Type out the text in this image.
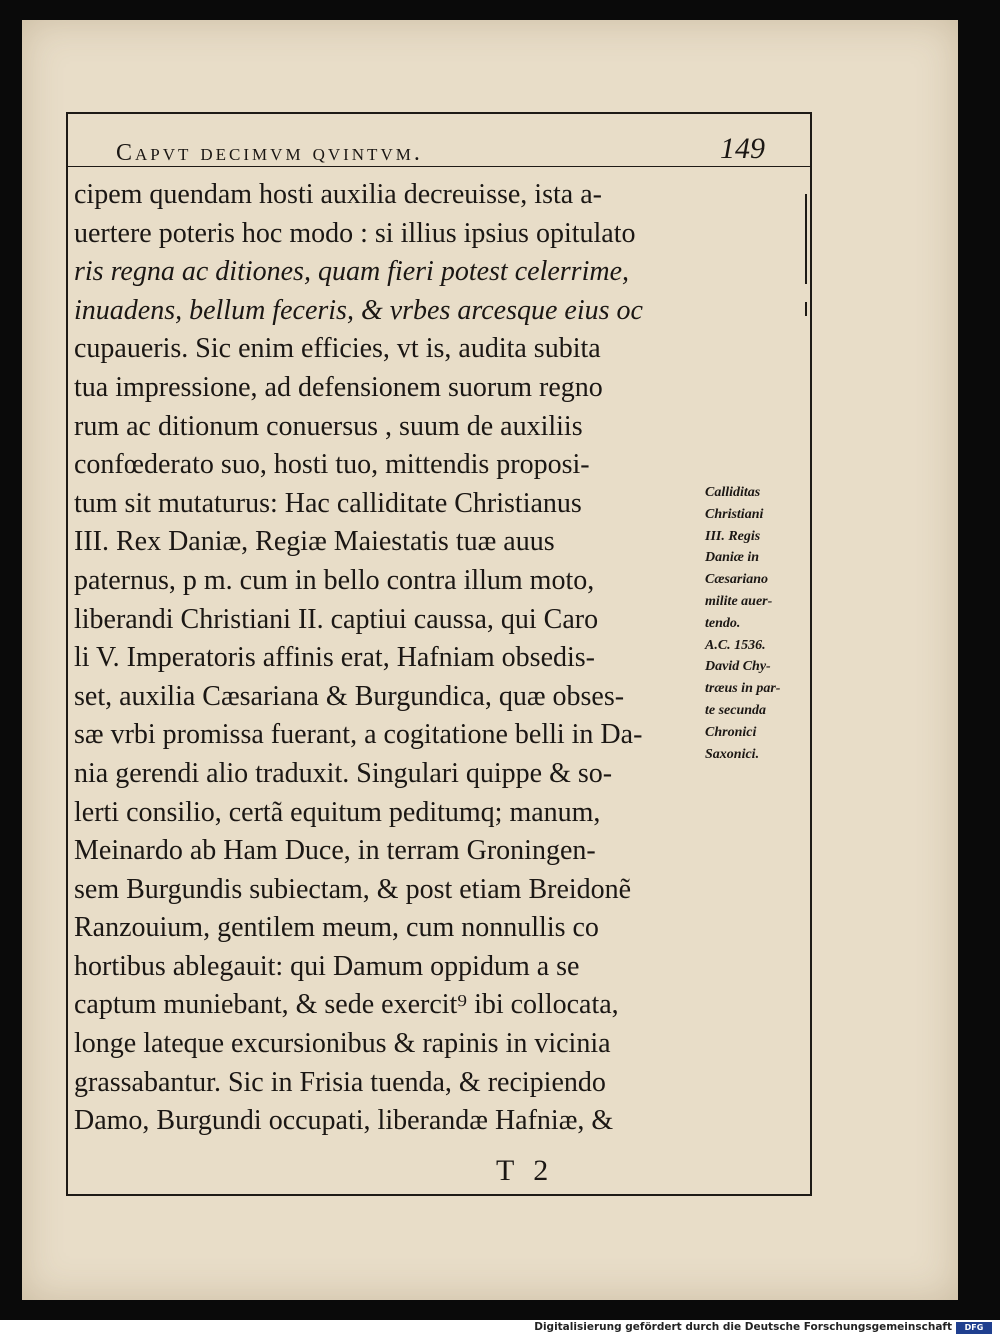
Capvt decimvm qvintvm.	149
cipem quendam hosti auxilia decreuisse, ista a-
uertere poteris hoc modo : si illius ipsius opitulato
ris regna ac ditiones, quam fieri potest celerrime,
inuadens, bellum feceris, & vrbes arcesque eius oc
cupaueris. Sic enim efficies, vt is, audita subita
tua impressione, ad defensionem suorum regno
rum ac ditionum conuersus , suum de auxiliis
confœderato suo, hosti tuo, mittendis proposi-
tum sit mutaturus: Hac calliditate Christianus
III. Rex Daniæ, Regiæ Maiestatis tuæ auus
paternus, p m. cum in bello contra illum moto,
liberandi Christiani II. captiui caussa, qui Caro
li V. Imperatoris affinis erat, Hafniam obsedis-
set, auxilia Cæsariana & Burgundica, quæ obses-
sæ vrbi promissa fuerant, a cogitatione belli in Da-
nia gerendi alio traduxit. Singulari quippe & so-
lerti consilio, certã equitum peditumq; manum,
Meinardo ab Ham Duce, in terram Groningen-
sem Burgundis subiectam, & post etiam Breidonẽ
Ranzouium, gentilem meum, cum nonnullis co
hortibus ablegauit: qui Damum oppidum a se
captum muniebant, & sede exercit⁹ ibi collocata,
longe lateque excursionibus & rapinis in vicinia
grassabantur. Sic in Frisia tuenda, & recipiendo
Damo, Burgundi occupati, liberandæ Hafniæ, &
T 2
Calliditas
Christiani
III. Regis
Daniæ in
Cæsariano
milite auer-
tendo.
A.C. 1536.
David Chy-
træus in par-
te secunda
Chronici
Saxonici.
Digitalisierung gefördert durch die Deutsche Forschungsgemeinschaft	DFG
